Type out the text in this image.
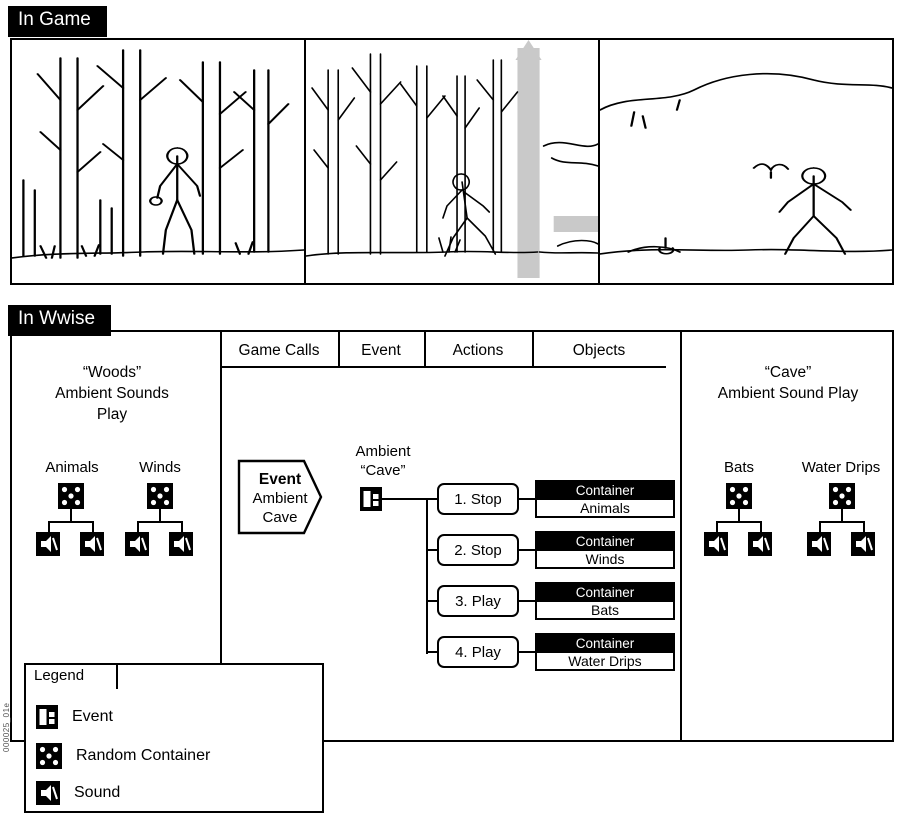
In Game
In Wwise
Game Calls	Event	Actions	Objects
“Woods”
Ambient Sounds
Play
Animals	Winds
Event
Ambient
Cave
Ambient
“Cave”
1. Stop
2. Stop
3. Play
4. Play
Container
Animals
Container
Winds
Container
Bats
Container
Water Drips
“Cave”
Ambient Sound Play
Bats	Water Drips
Legend
Event
Random Container
Sound
000025_01e
